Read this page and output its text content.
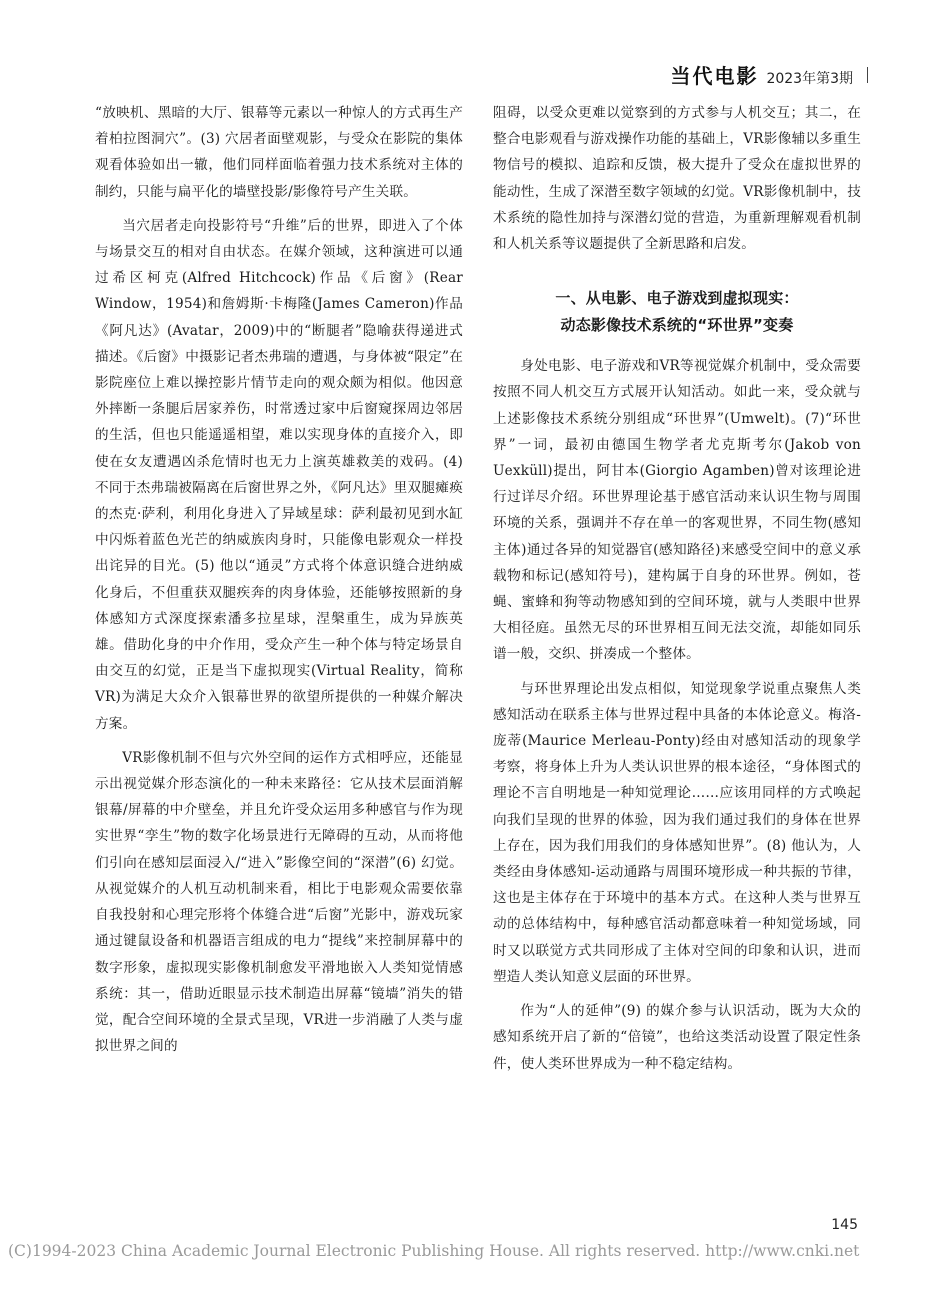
当代电影 2023年第3期

“放映机、黑暗的大厅、银幕等元素以一种惊人的方式再生产着柏拉图洞穴”。(3) 穴居者面壁观影，与受众在影院的集体观看体验如出一辙，他们同样面临着强力技术系统对主体的制约，只能与扁平化的墙壁投影/影像符号产生关联。

当穴居者走向投影符号“升维”后的世界，即进入了个体与场景交互的相对自由状态。在媒介领域，这种演进可以通过希区柯克(Alfred Hitchcock)作品《后窗》(Rear Window，1954)和詹姆斯·卡梅隆(James Cameron)作品《阿凡达》(Avatar，2009)中的“断腿者”隐喻获得递进式描述。《后窗》中摄影记者杰弗瑞的遭遇，与身体被“限定”在影院座位上难以操控影片情节走向的观众颇为相似。他因意外摔断一条腿后居家养伤，时常透过家中后窗窥探周边邻居的生活，但也只能遥遥相望，难以实现身体的直接介入，即使在女友遭遇凶杀危情时也无力上演英雄救美的戏码。(4) 不同于杰弗瑞被隔离在后窗世界之外，《阿凡达》里双腿瘫痪的杰克·萨利，利用化身进入了异域星球：萨利最初见到水缸中闪烁着蓝色光芒的纳威族肉身时，只能像电影观众一样投出诧异的目光。(5) 他以“通灵”方式将个体意识缝合进纳威化身后，不但重获双腿疾奔的肉身体验，还能够按照新的身体感知方式深度探索潘多拉星球，涅槃重生，成为异族英雄。借助化身的中介作用，受众产生一种个体与特定场景自由交互的幻觉，正是当下虚拟现实(Virtual Reality，简称VR)为满足大众介入银幕世界的欲望所提供的一种媒介解决方案。

VR影像机制不但与穴外空间的运作方式相呼应，还能显示出视觉媒介形态演化的一种未来路径：它从技术层面消解银幕/屏幕的中介壁垒，并且允许受众运用多种感官与作为现实世界“孪生”物的数字化场景进行无障碍的互动，从而将他们引向在感知层面浸入/“进入”影像空间的“深潜”(6) 幻觉。从视觉媒介的人机互动机制来看，相比于电影观众需要依靠自我投射和心理完形将个体缝合进“后窗”光影中，游戏玩家通过键鼠设备和机器语言组成的电力“提线”来控制屏幕中的数字形象，虚拟现实影像机制愈发平滑地嵌入人类知觉情感系统：其一，借助近眼显示技术制造出屏幕“镜墙”消失的错觉，配合空间环境的全景式呈现，VR进一步消融了人类与虚拟世界之间的

阻碍，以受众更难以觉察到的方式参与人机交互；其二，在整合电影观看与游戏操作功能的基础上，VR影像辅以多重生物信号的模拟、追踪和反馈，极大提升了受众在虚拟世界的能动性，生成了深潜至数字领域的幻觉。VR影像机制中，技术系统的隐性加持与深潜幻觉的营造，为重新理解观看机制和人机关系等议题提供了全新思路和启发。

一、从电影、电子游戏到虚拟现实：
动态影像技术系统的“环世界”变奏

身处电影、电子游戏和VR等视觉媒介机制中，受众需要按照不同人机交互方式展开认知活动。如此一来，受众就与上述影像技术系统分别组成“环世界”(Umwelt)。(7)“环世界”一词，最初由德国生物学者尤克斯考尔(Jakob von Uexküll)提出，阿甘本(Giorgio Agamben)曾对该理论进行过详尽介绍。环世界理论基于感官活动来认识生物与周围环境的关系，强调并不存在单一的客观世界，不同生物(感知主体)通过各异的知觉器官(感知路径)来感受空间中的意义承载物和标记(感知符号)，建构属于自身的环世界。例如，苍蝇、蜜蜂和狗等动物感知到的空间环境，就与人类眼中世界大相径庭。虽然无尽的环世界相互间无法交流，却能如同乐谱一般，交织、拼凑成一个整体。

与环世界理论出发点相似，知觉现象学说重点聚焦人类感知活动在联系主体与世界过程中具备的本体论意义。梅洛-庞蒂(Maurice Merleau-Ponty)经由对感知活动的现象学考察，将身体上升为人类认识世界的根本途径，“身体图式的理论不言自明地是一种知觉理论……应该用同样的方式唤起向我们呈现的世界的体验，因为我们通过我们的身体在世界上存在，因为我们用我们的身体感知世界”。(8) 他认为，人类经由身体感知-运动通路与周围环境形成一种共振的节律，这也是主体存在于环境中的基本方式。在这种人类与世界互动的总体结构中，每种感官活动都意味着一种知觉场域，同时又以联觉方式共同形成了主体对空间的印象和认识，进而塑造人类认知意义层面的环世界。

作为“人的延伸”(9) 的媒介参与认识活动，既为大众的感知系统开启了新的“倍镜”，也给这类活动设置了限定性条件，使人类环世界成为一种不稳定结构。

145
(C)1994-2023 China Academic Journal Electronic Publishing House. All rights reserved. http://www.cnki.net
